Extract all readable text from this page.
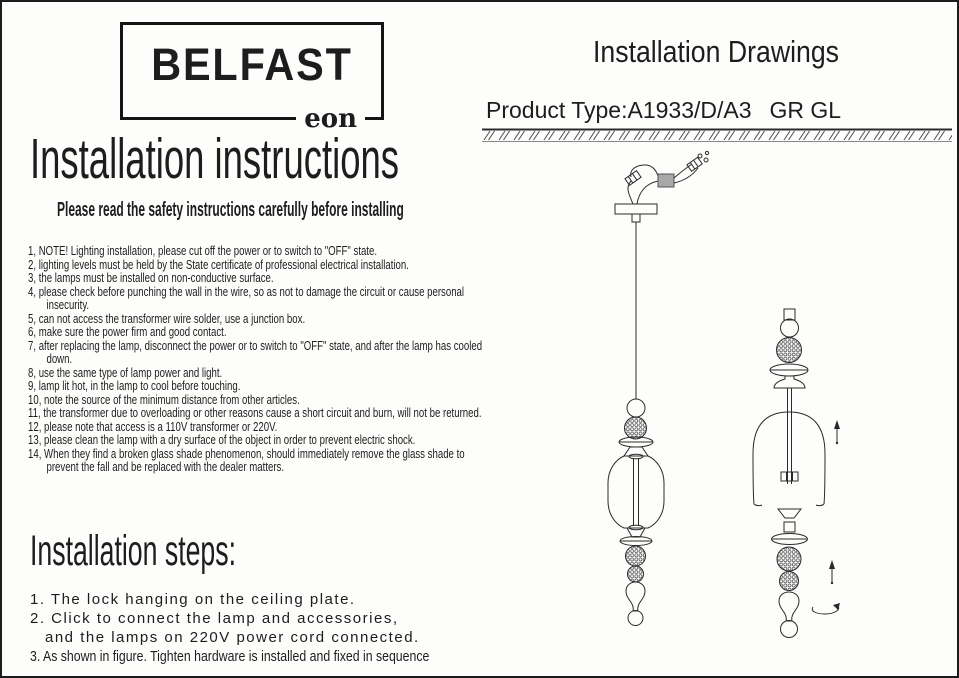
BELFAST
eon
Installation instructions
Please read the safety instructions carefully before installing
1, NOTE! Lighting installation, please cut off the power or to switch to "OFF" state.
2, lighting levels must be held by the State certificate of professional electrical installation.
3, the lamps must be installed on non-conductive surface.
4, please check before punching the wall in the wire, so as not to damage the circuit or cause personal insecurity.
5, can not access the transformer wire solder, use a junction box.
6, make sure the power firm and good contact.
7, after replacing the lamp, disconnect the power or to switch to "OFF" state, and after the lamp has cooled down.
8, use the same type of lamp power and light.
9, lamp lit hot, in the lamp to cool before touching.
10, note the source of the minimum distance from other articles.
11, the transformer due to overloading or other reasons cause a short circuit and burn, will not be returned.
12, please note that access is a 110V transformer or 220V.
13, please clean the lamp with a dry surface of the object in order to prevent electric shock.
14, When they find a broken glass shade phenomenon, should immediately remove the glass shade to prevent the fall and be replaced with the dealer matters.
Installation steps:
1. The lock hanging on the ceiling plate.
2. Click to connect the lamp and accessories,
and the lamps on 220V power cord connected.
3. As shown in figure. Tighten hardware is installed and fixed in sequence
Installation Drawings
Product Type:A1933/D/A3 GR GL
